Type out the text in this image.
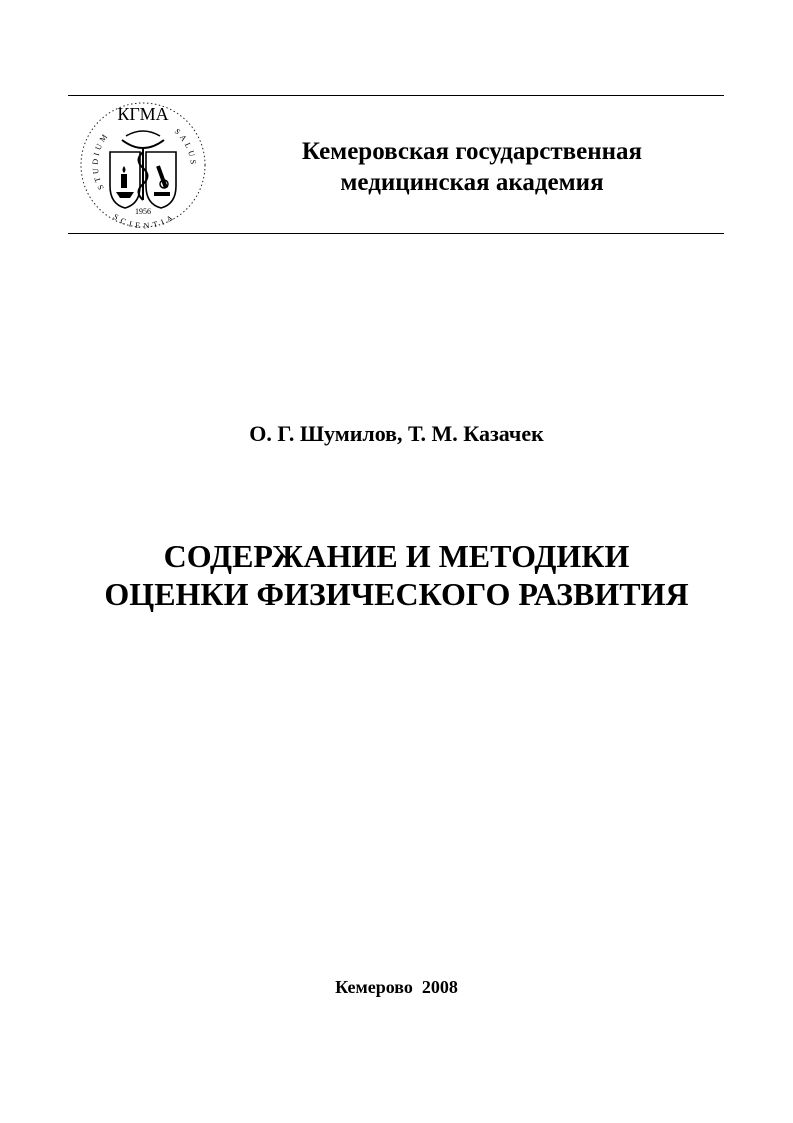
КГМА
STUDIUM	SALUS
SCIENTIA
1956
Кемеровская государственная
медицинская академия
О. Г. Шумилов, Т. М. Казачек
СОДЕРЖАНИЕ И МЕТОДИКИ
ОЦЕНКИ ФИЗИЧЕСКОГО РАЗВИТИЯ
Кемерово  2008
